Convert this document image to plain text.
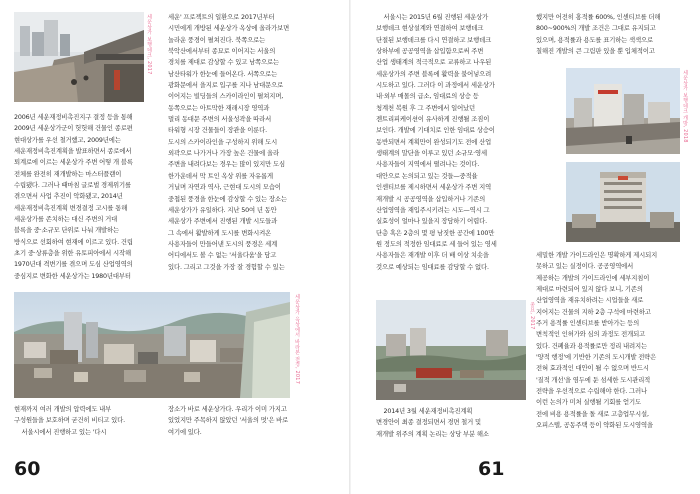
세운상가 보행데크, 2017

2006년 세운재정비촉진지구 결정 등을 통해
2009년 세운상가군이 헛헛해 건물인 종로편
현대상가를 우선 철거했고, 2009년에는
세운재정비촉진계획을 발표하면서 종로에서
퇴계로에 이르는 세운상가 주변 어떻 개 블록
전체를 완전히 재개발하는 마스터플랜이
수립됐다. 그러나 때마침 글로벌 경제위기를
겪으면서 사업 추진이 악화됐고, 2014년
세운재정비촉진계획 변경결정 고시를 통해
세운상가를 존치하는 대신 주변의 거대
블록을 중·소규모 단위로 나눠 개발하는
방식으로 선회하여 현재에 이르고 있다. 건립
초기 중·상류층을 위한 유토피아에서 시작해
1970년대 격변기를 겪으며 도심 산업영역의
중심지로 변화한 세운상가는 1980년대부터

세운' 프로젝트의 일환으로 2017년부터
시민에게 개방된 세운상가 옥상에 올라가보면
놀라운 풍경이 펼쳐진다. 북쪽으로는
북악산에서부터 종묘로 이어지는 서울의
경치를 제대로 감상할 수 있고 남쪽으로는
남산타워가 한눈에 들어온다. 서쪽으로는
광화문에서 을지로 입구를 지나 남대문으로
이어지는 빌딩들의 스카이라인이 펼쳐지며,
동쪽으로는 아트막한 재래시장 영역과
멀리 동대문 주변의 서울성곽을 따라서
타워형 시장 건물들이 장관을 이룬다.
도시의 스카이라인을 구성하지 위해 도시
외곽으로 나가거나 가장 높은 건물에 올라
주변을 내려다보는 경우는 많이 있지만 도심
한가운데서 막 트인 옥상 위를 자유롭게
거닐며 자연과 역사, 근현대 도시의 모습이
중첩된 풍경을 한눈에 감상할 수 있는 장소는
세운상가가 유일하다. 지난 50여 년 동안
세운상가 주변에서 진행된 개발 시도들과
그 속에서 활발하게 도시를 변화시켜온
사용자들이 만들어낸 도시의 풍경은 세계
어디에서도 볼 수 없는 '서울다움'을 담고
있다. 그리고 그것을 가장 잘 경험할 수 있는

세운상가 옥상에서 바라본 전경, 2017

현재까지 여러 개발의 압력에도 내부
구성원들을 보호하며 굳건히 비티고 있다.
서울시에서 진행하고 있는 '다시

장소가 바로 세운상가다. 우리가 이미 가지고
있었지만 주목하지 않았던 '서울의 멋'은 바로
여기에 있다.

60

서울시는 2015년 6월 진행된 세운상가
보행데크 현상설계와 연결하여 보행데크
단절된 보행데크를 다시 연결하고 보행데크
상하부에 공공영역을 삽입함으로써 주변
산업 생태계의 적극적으로 교류하고 나우된
세운상가의 주변 블록에 활력을 불어넣으려
시도하고 있다. 그러다 이 과정에서 세운상가
내·외부 매몰의 급소, 임대료의 상승 등
청계천 복원 후 그 주변에서 일어났던
젠트리피케이션이 유사하게 진행될 조짐이
보인다. 개발에 기대치로 인한 임대료 상승이
동반되면서 계획만이 완성되기도 전에 산업
생태계의 말단을 이루고 있던 소규모·영세
사용자들이 지역에서 떨려나는 것이다.
대안으로 논의되고 있는 것들—중적율
인센티브를 제시하면서 세운상가 주변 지역
재개발 시 공공영역을 삽입하거나 기존의
산업영역을 재입주시키려는 시도—역시 그
실효성이 얼마나 있을지 장담하기 어렵다.
단층 혹은 2층의 몇 평 남짓한 공간에 100만
원 정도의 적정한 임대료로 세 들어 있는 영세
사용자들은 재개발 이후 더 배 이상 치솟을
것으로 예상되는 임대료를 감당할 수 없다.

했지만 어전히 홍적률 600%, 인센티브를 더해
800~900%의 개발 조건은 그대로 유지되고
있으며, 용적률과 용도를 표기하는 색색으로
칠해진 개발의 큰 그림판 있을 뿐 입체적이고

세운상가 보행데크 개방, 2018
종묘, 2017

2014년 3월 세운재정비촉진계획
변경안이 최종 결정되면서 경면 철거 및
재개발 위주의 계획 논리는 상당 부분 해소

세밀한 개발 가이드라인은 명확하게 제시되지
못하고 있는 실정이다. 공공영역에서
제공하는 개발의 가이드라인에 세부지침이
제대로 마련되어 있지 않다 보니, 기존의
산업영역을 재유치하려는 시업들을 새로
지어지는 건물의 지하 2층 구석에 마련하고
주거 용적률 인센티브를 받아가는 등의
변칙적인 인허가와 심의 과정도 전개되고
있다. 건폐율과 용적률로만 정리 내려지는
'양적 행정'에 기반한 기존의 도시개발 전략은
전혀 효과적인 대안이 될 수 없으며 반드시
'질적 개선'을 염두에 둔 섬세한 도시관리적
전략을 우선적으로 수립해야 한다. 그러나
이런 논의가 미처 실행될 기회를 얻기도
전에 비용 용적률을 돌 새로 고층업무시설,
오피스텔, 공동주택 등이 약화된 도시영역을

61
